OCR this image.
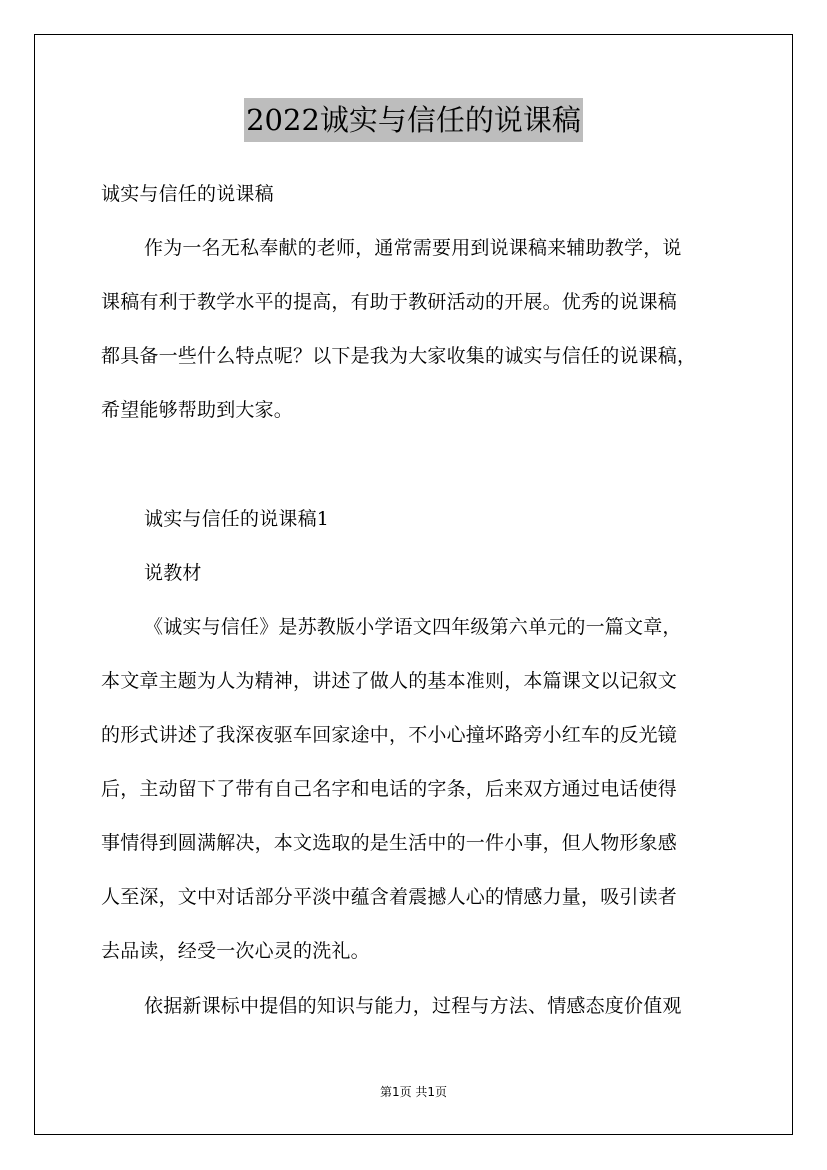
2022诚实与信任的说课稿
诚实与信任的说课稿
作为一名无私奉献的老师，通常需要用到说课稿来辅助教学，说
课稿有利于教学水平的提高，有助于教研活动的开展。优秀的说课稿
都具备一些什么特点呢？以下是我为大家收集的诚实与信任的说课稿，
希望能够帮助到大家。
诚实与信任的说课稿1
说教材
《诚实与信任》是苏教版小学语文四年级第六单元的一篇文章，
本文章主题为人为精神，讲述了做人的基本准则，本篇课文以记叙文
的形式讲述了我深夜驱车回家途中，不小心撞坏路旁小红车的反光镜
后，主动留下了带有自己名字和电话的字条，后来双方通过电话使得
事情得到圆满解决，本文选取的是生活中的一件小事，但人物形象感
人至深，文中对话部分平淡中蕴含着震撼人心的情感力量，吸引读者
去品读，经受一次心灵的洗礼。
依据新课标中提倡的知识与能力，过程与方法、情感态度价值观
第1页 共1页
